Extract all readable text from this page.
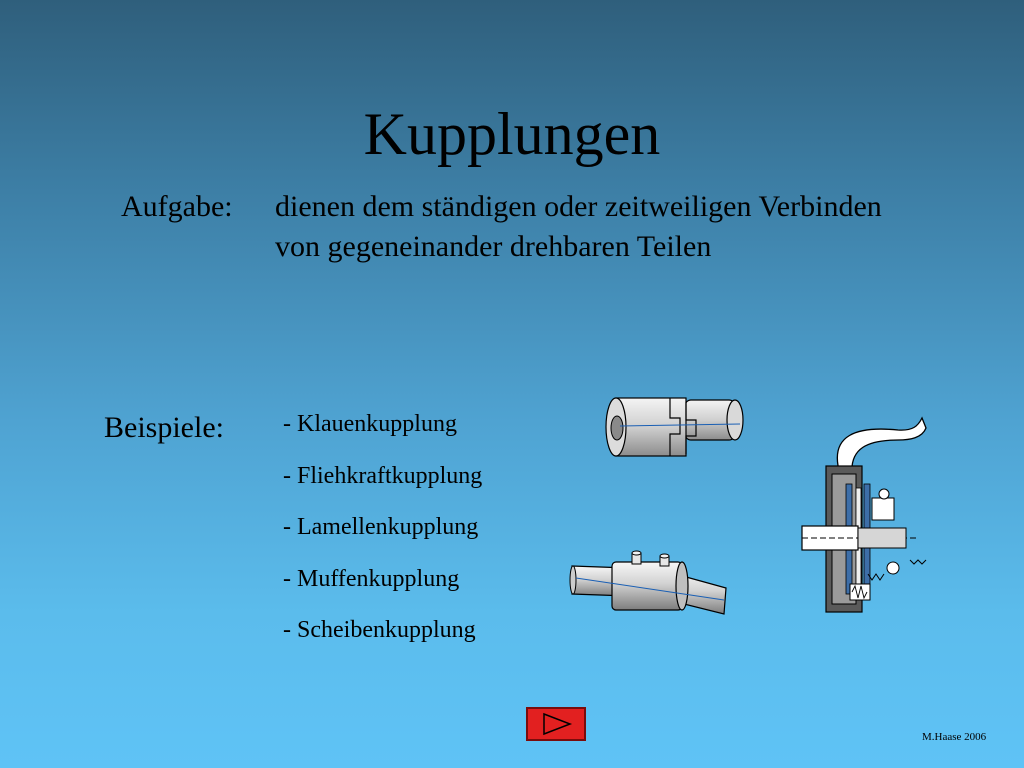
Kupplungen
Aufgabe: dienen dem ständigen oder zeitweiligen Verbinden
von gegeneinander drehbaren Teilen
Beispiele: - Klauenkupplung
- Fliehkraftkupplung
- Lamellenkupplung
- Muffenkupplung
- Scheibenkupplung
M.Haase 2006
